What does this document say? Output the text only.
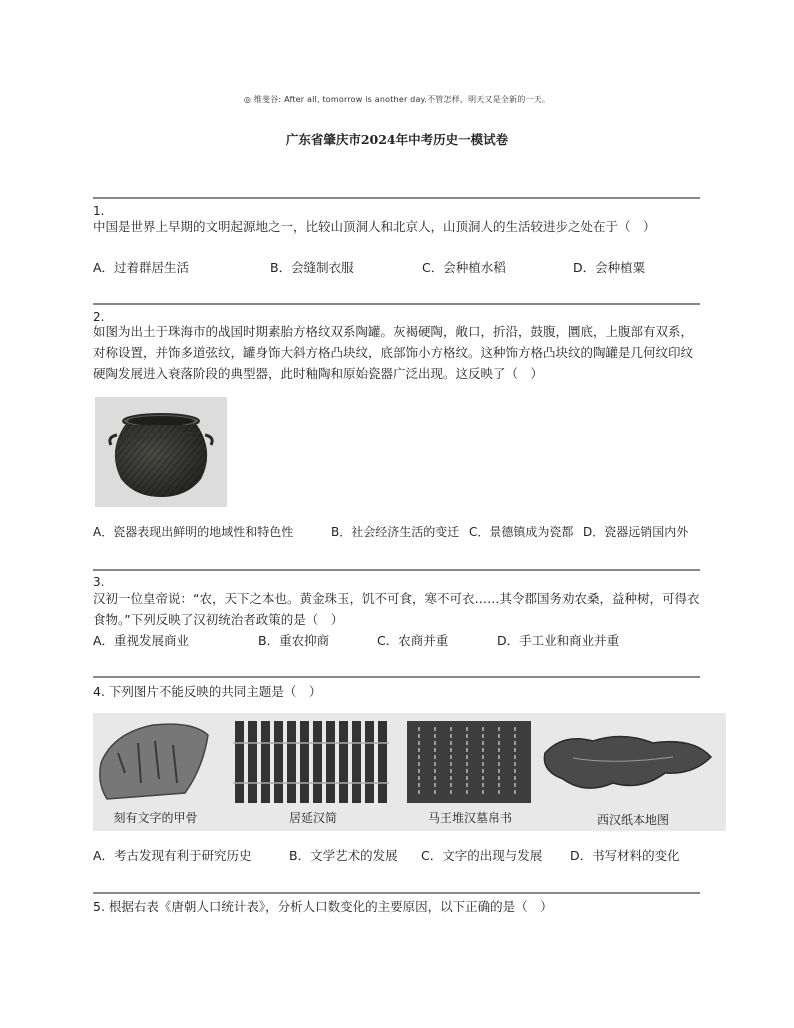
◎ 维斐谷: After all, tomorrow is another day.不管怎样，明天又是全新的一天。
广东省肇庆市2024年中考历史一模试卷
1.
中国是世界上早期的文明起源地之一，比较山顶洞人和北京人，山顶洞人的生活较进步之处在于（　）
A．过着群居生活	B．会缝制衣服	C．会种植水稻	D．会种植粟
2.
如图为出土于珠海市的战国时期素胎方格纹双系陶罐。灰褐硬陶，敞口，折沿，鼓腹，圜底，上腹部有双系，对称设置，并饰多道弦纹，罐身饰大斜方格凸块纹，底部饰小方格纹。这种饰方格凸块纹的陶罐是几何纹印纹硬陶发展进入衰落阶段的典型器，此时釉陶和原始瓷器广泛出现。这反映了（　）
A．瓷器表现出鲜明的地域性和特色性	B．社会经济生活的变迁 C．景德镇成为瓷都 D．瓷器远销国内外
3.
汉初一位皇帝说：“农，天下之本也。黄金珠玉，饥不可食，寒不可衣……其令郡国务劝农桑，益种树，可得衣食物。”下列反映了汉初统治者政策的是（　）
A．重视发展商业	B．重农抑商	C．农商并重	D．手工业和商业并重
4. 下列图片不能反映的共同主题是（　）
刻有文字的甲骨	居延汉简	马王堆汉墓帛书	西汉纸本地图
A．考古发现有利于研究历史	B．文学艺术的发展 C．文字的出现与发展 D．书写材料的变化
5. 根据右表《唐朝人口统计表》，分析人口数变化的主要原因，以下正确的是（　）
